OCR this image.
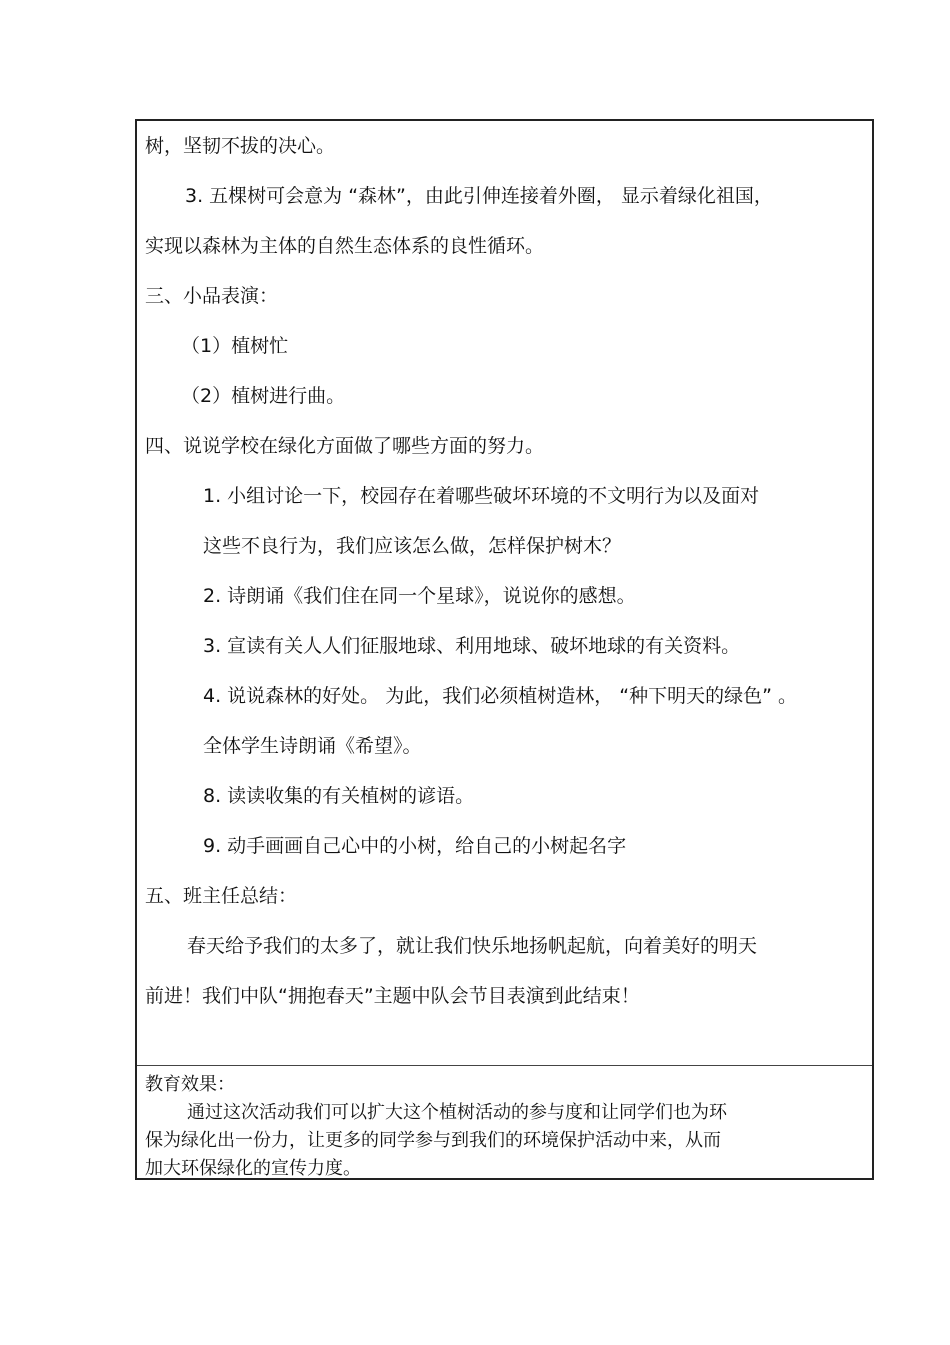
树，坚韧不拔的决心。
3. 五棵树可会意为 “森林”，由此引伸连接着外圈， 显示着绿化祖国，
实现以森林为主体的自然生态体系的良性循环。
三、小品表演：
（1）植树忙
（2）植树进行曲。
四、说说学校在绿化方面做了哪些方面的努力。
1. 小组讨论一下，校园存在着哪些破坏环境的不文明行为以及面对
这些不良行为，我们应该怎么做，怎样保护树木？
2. 诗朗诵《我们住在同一个星球》，说说你的感想。
3. 宣读有关人人们征服地球、利用地球、破坏地球的有关资料。
4. 说说森林的好处。 为此，我们必须植树造林， “种下明天的绿色” 。
全体学生诗朗诵《希望》。
8. 读读收集的有关植树的谚语。
9. 动手画画自己心中的小树，给自己的小树起名字
五、班主任总结：
春天给予我们的太多了，就让我们快乐地扬帆起航，向着美好的明天
前进！我们中队“拥抱春天”主题中队会节目表演到此结束！
教育效果：
通过这次活动我们可以扩大这个植树活动的参与度和让同学们也为环
保为绿化出一份力，让更多的同学参与到我们的环境保护活动中来，从而
加大环保绿化的宣传力度。
